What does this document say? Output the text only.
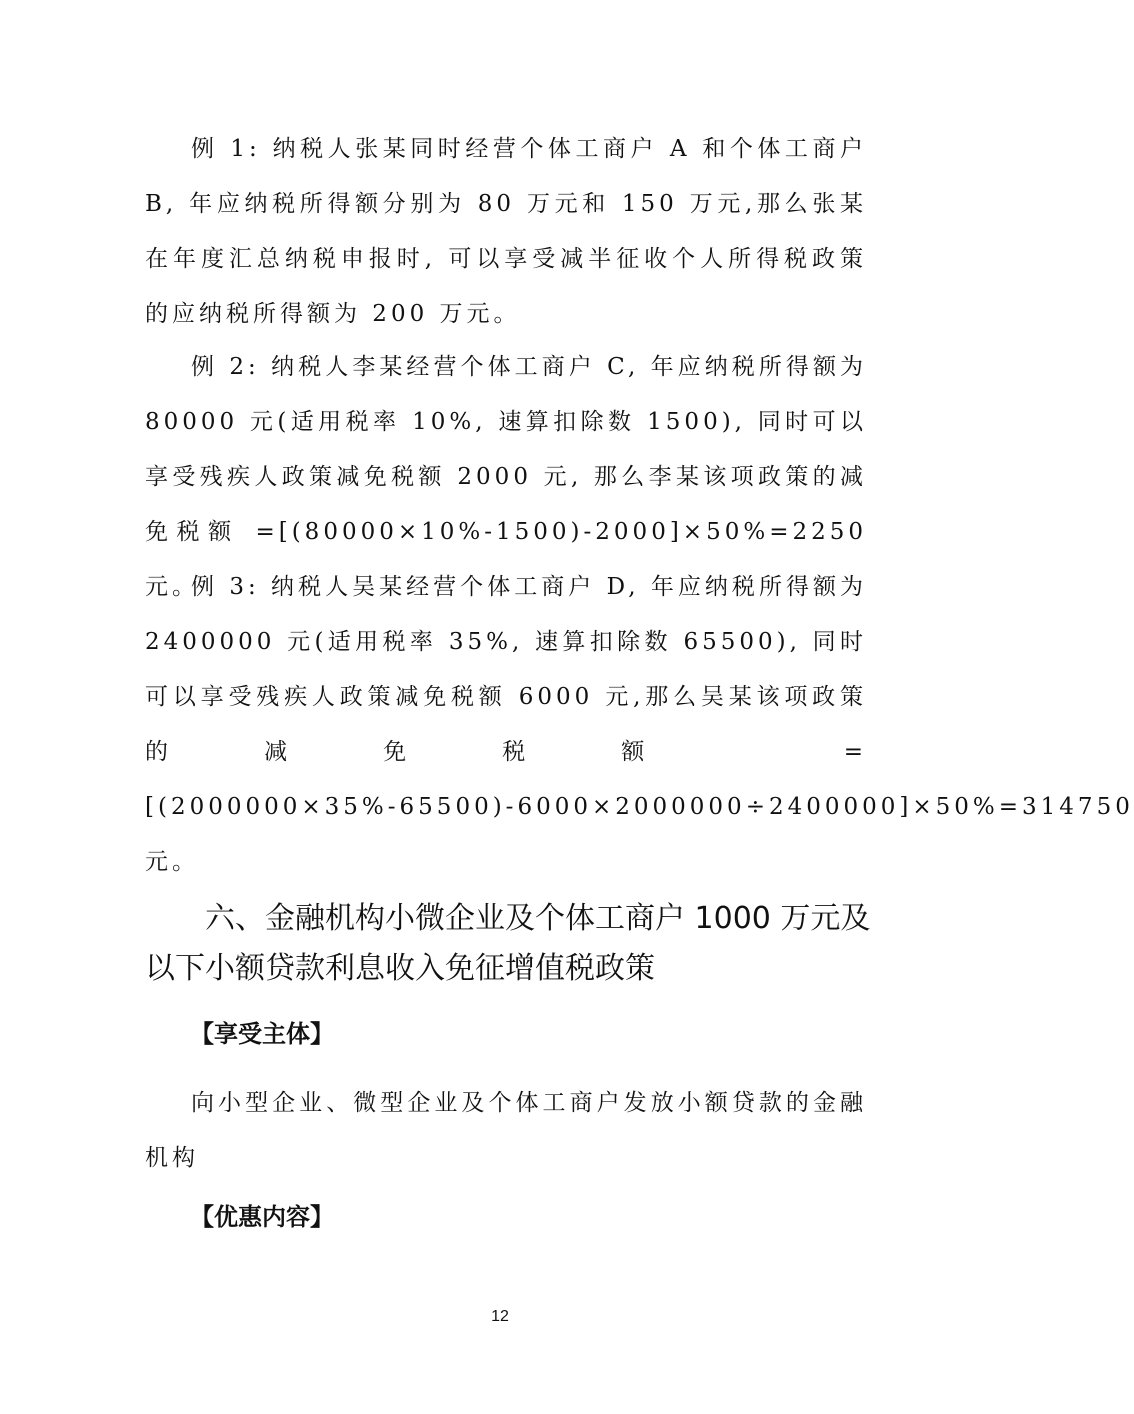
例 1: 纳税人张某同时经营个体工商户 A 和个体工商户 B, 年应纳税所得额分别为 80 万元和 150 万元,那么张某在年度汇总纳税申报时, 可以享受减半征收个人所得税政策的应纳税所得额为 200 万元。

例 2: 纳税人李某经营个体工商户 C, 年应纳税所得额为 80000 元(适用税率 10%, 速算扣除数 1500), 同时可以享受残疾人政策减免税额 2000 元, 那么李某该项政策的减免税额 =[(80000×10%-1500)-2000]×50%=2250 元。

例 3: 纳税人吴某经营个体工商户 D, 年应纳税所得额为 2400000 元(适用税率 35%, 速算扣除数 65500), 同时可以享受残疾人政策减免税额 6000 元,那么吴某该项政策的减免税额 =[(2000000×35%-65500)-6000×2000000÷2400000]×50%=314750 元。

六、金融机构小微企业及个体工商户 1000 万元及以下小额贷款利息收入免征增值税政策
【享受主体】

向小型企业、微型企业及个体工商户发放小额贷款的金融机构

【优惠内容】
12
